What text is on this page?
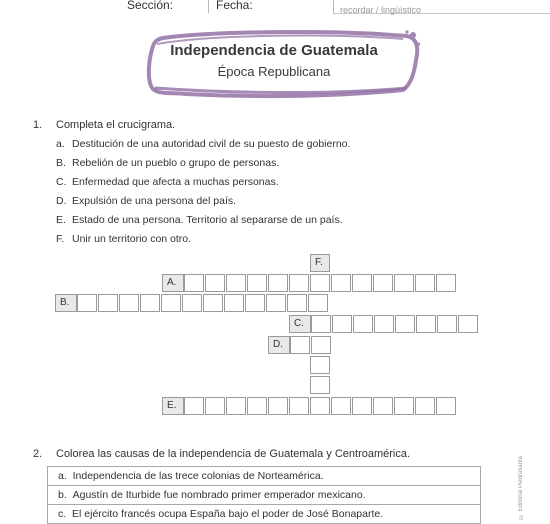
Sección:	Fecha:	recordar / lingüístico
Independencia de Guatemala
Época Republicana
1. Completa el crucigrama.
a. Destitución de una autoridad civil de su puesto de gobierno.
B. Rebelión de un pueblo o grupo de personas.
C. Enfermedad que afecta a muchas personas.
D. Expulsión de una persona del país.
E. Estado de una persona. Territorio al separarse de un país.
F. Unir un territorio con otro.
F.
A.
B.
C.
D.
E.
2. Colorea las causas de la independencia de Guatemala y Centroamérica.
a. Independencia de las trece colonias de Norteamérica.
b. Agustín de Iturbide fue nombrado primer emperador mexicano.
c. El ejército francés ocupa España bajo el poder de José Bonaparte.	© Editorial Piedrasanta
